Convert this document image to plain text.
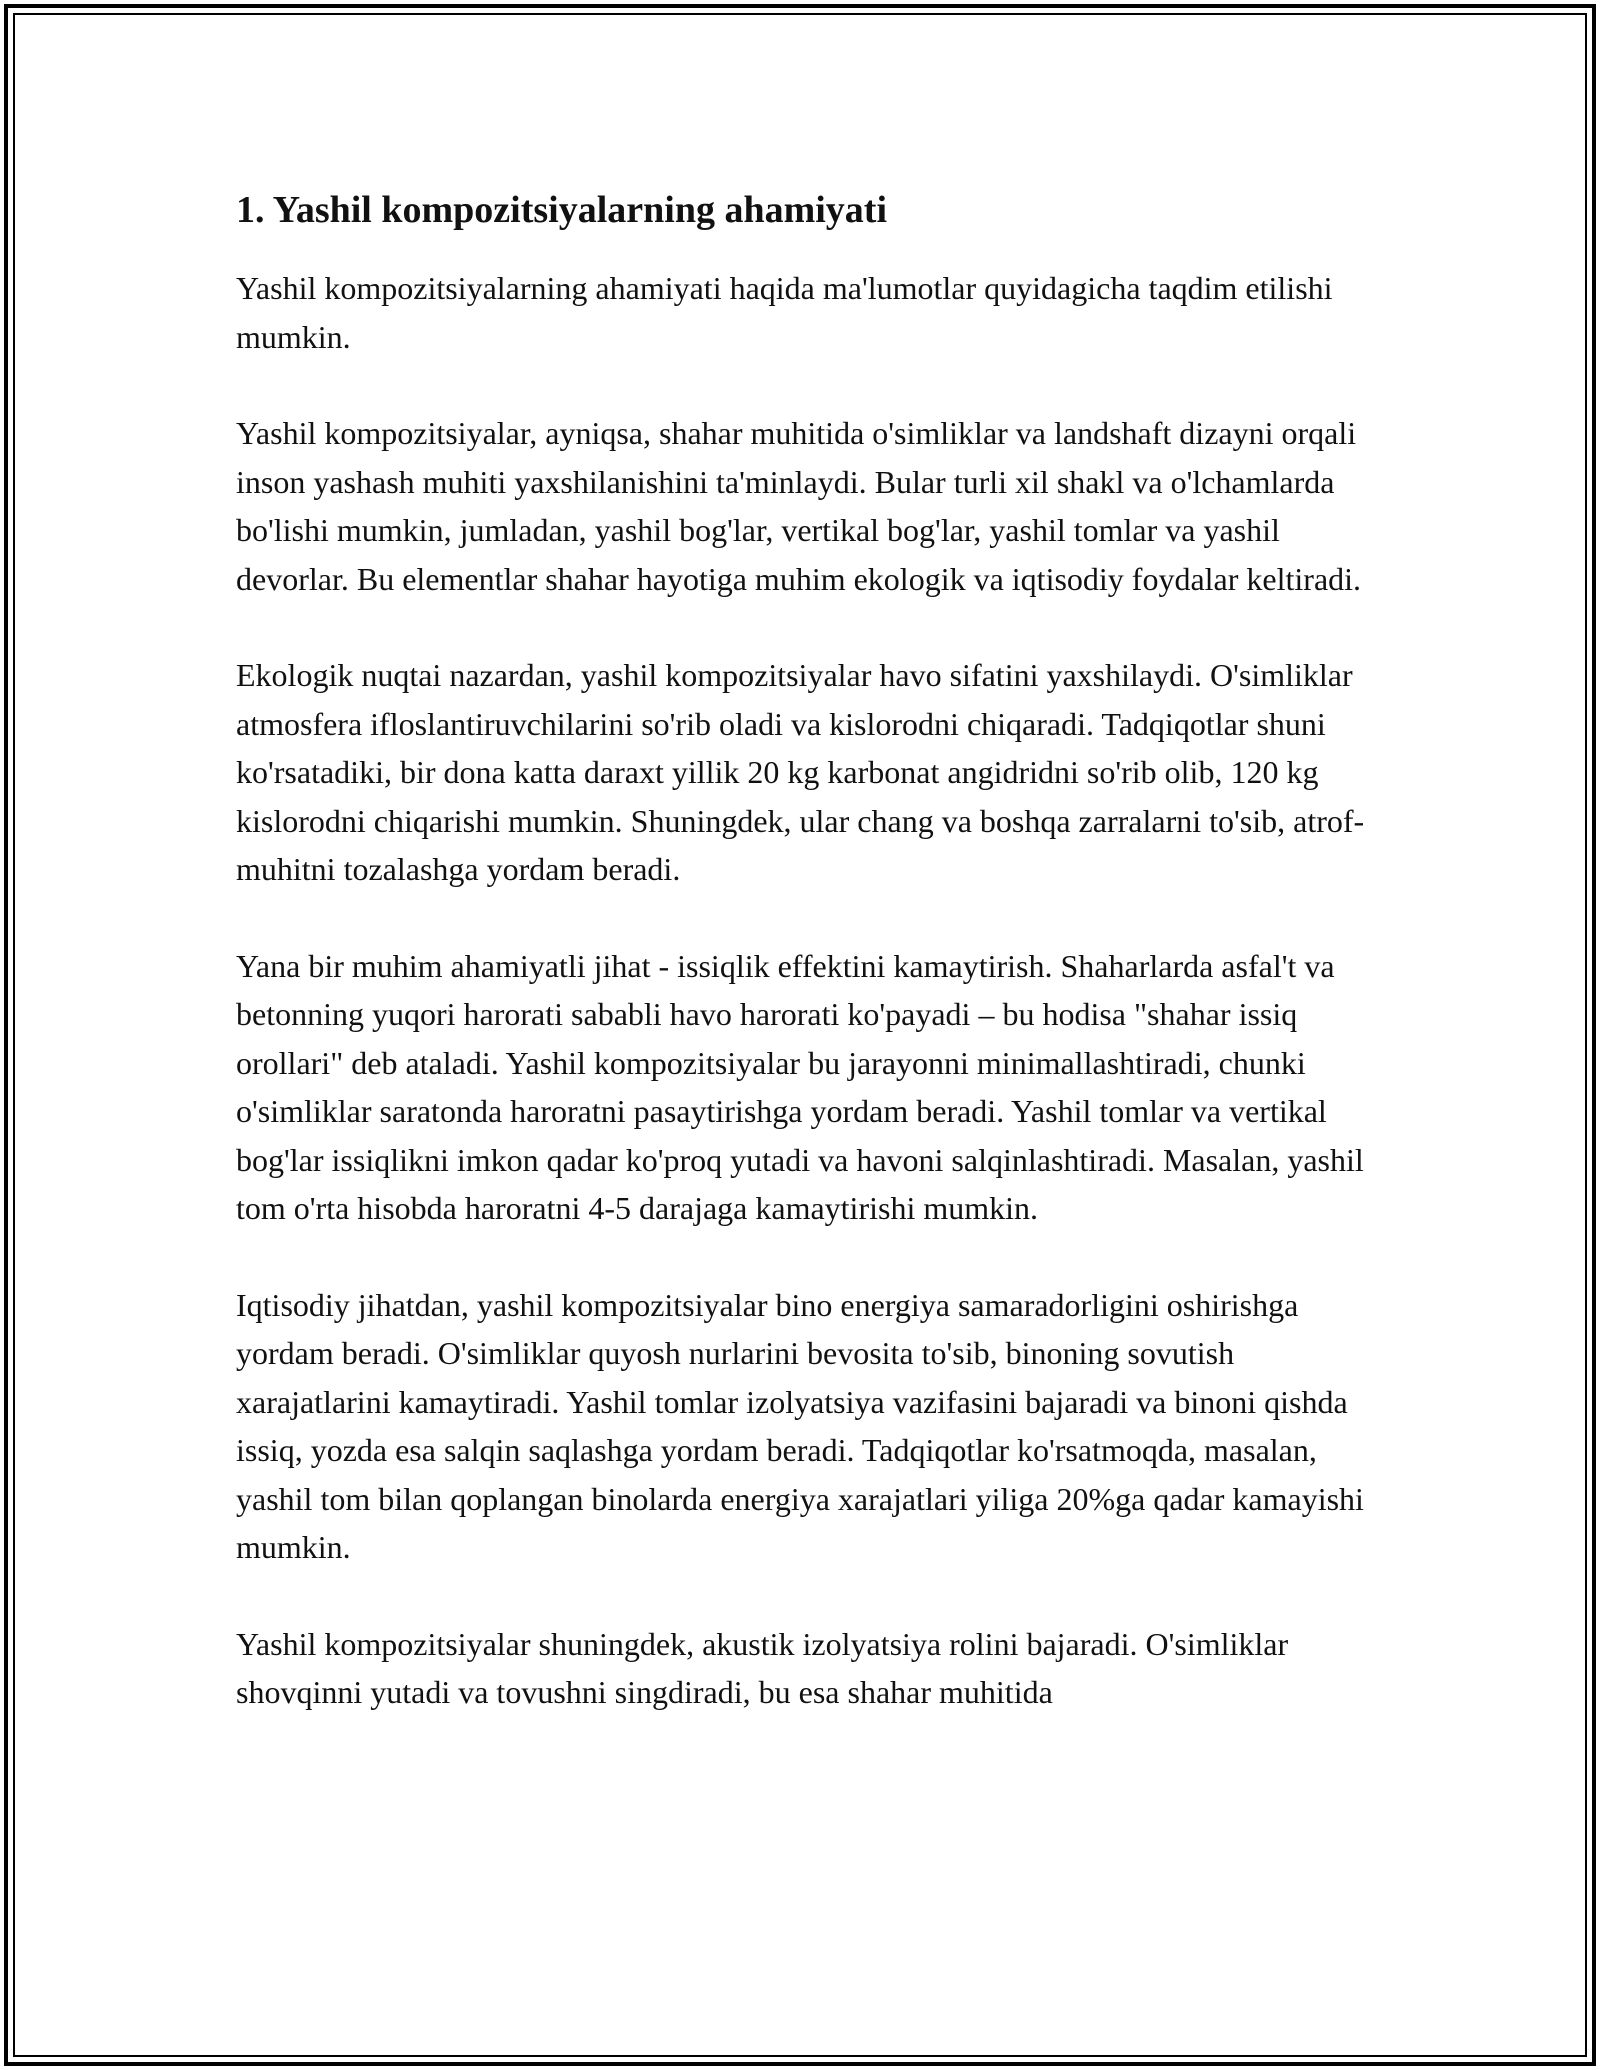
1. Yashil kompozitsiyalarning ahamiyati

Yashil kompozitsiyalarning ahamiyati haqida ma'lumotlar quyidagicha taqdim etilishi mumkin.

Yashil kompozitsiyalar, ayniqsa, shahar muhitida o'simliklar va landshaft dizayni orqali inson yashash muhiti yaxshilanishini ta'minlaydi. Bular turli xil shakl va o'lchamlarda bo'lishi mumkin, jumladan, yashil bog'lar, vertikal bog'lar, yashil tomlar va yashil devorlar. Bu elementlar shahar hayotiga muhim ekologik va iqtisodiy foydalar keltiradi.

Ekologik nuqtai nazardan, yashil kompozitsiyalar havo sifatini yaxshilaydi. O'simliklar atmosfera ifloslantiruvchilarini so'rib oladi va kislorodni chiqaradi. Tadqiqotlar shuni ko'rsatadiki, bir dona katta daraxt yillik 20 kg karbonat angidridni so'rib olib, 120 kg kislorodni chiqarishi mumkin. Shuningdek, ular chang va boshqa zarralarni to'sib, atrof-muhitni tozalashga yordam beradi.

Yana bir muhim ahamiyatli jihat - issiqlik effektini kamaytirish. Shaharlarda asfal't va betonning yuqori harorati sababli havo harorati ko'payadi – bu hodisa "shahar issiq orollari" deb ataladi. Yashil kompozitsiyalar bu jarayonni minimallashtiradi, chunki o'simliklar saratonda haroratni pasaytirishga yordam beradi. Yashil tomlar va vertikal bog'lar issiqlikni imkon qadar ko'proq yutadi va havoni salqinlashtiradi. Masalan, yashil tom o'rta hisobda haroratni 4-5 darajaga kamaytirishi mumkin.

Iqtisodiy jihatdan, yashil kompozitsiyalar bino energiya samaradorligini oshirishga yordam beradi. O'simliklar quyosh nurlarini bevosita to'sib, binoning sovutish xarajatlarini kamaytiradi. Yashil tomlar izolyatsiya vazifasini bajaradi va binoni qishda issiq, yozda esa salqin saqlashga yordam beradi. Tadqiqotlar ko'rsatmoqda, masalan, yashil tom bilan qoplangan binolarda energiya xarajatlari yiliga 20%ga qadar kamayishi mumkin.

Yashil kompozitsiyalar shuningdek, akustik izolyatsiya rolini bajaradi. O'simliklar shovqinni yutadi va tovushni singdiradi, bu esa shahar muhitida
